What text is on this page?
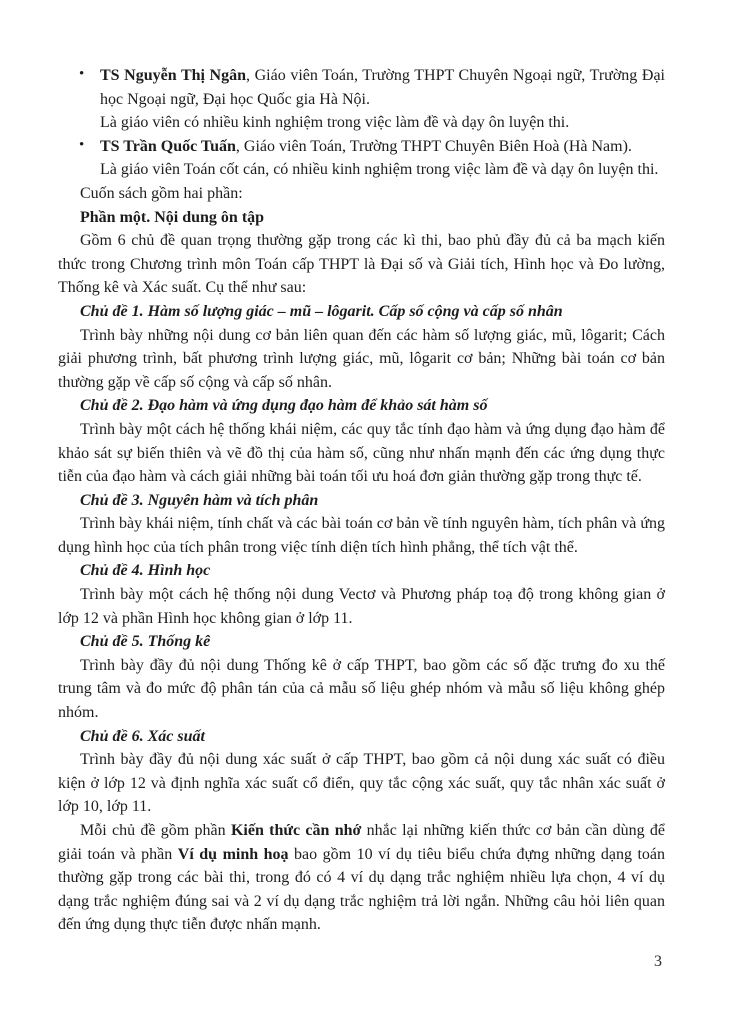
• TS Nguyễn Thị Ngân, Giáo viên Toán, Trường THPT Chuyên Ngoại ngữ, Trường Đại học Ngoại ngữ, Đại học Quốc gia Hà Nội.

Là giáo viên có nhiều kinh nghiệm trong việc làm đề và dạy ôn luyện thi.

• TS Trần Quốc Tuấn, Giáo viên Toán, Trường THPT Chuyên Biên Hoà (Hà Nam).

Là giáo viên Toán cốt cán, có nhiều kinh nghiệm trong việc làm đề và dạy ôn luyện thi.

Cuốn sách gồm hai phần:

Phần một. Nội dung ôn tập

Gồm 6 chủ đề quan trọng thường gặp trong các kì thi, bao phủ đầy đủ cả ba mạch kiến thức trong Chương trình môn Toán cấp THPT là Đại số và Giải tích, Hình học và Đo lường, Thống kê và Xác suất. Cụ thể như sau:

Chủ đề 1. Hàm số lượng giác – mũ – lôgarit. Cấp số cộng và cấp số nhân

Trình bày những nội dung cơ bản liên quan đến các hàm số lượng giác, mũ, lôgarit; Cách giải phương trình, bất phương trình lượng giác, mũ, lôgarit cơ bản; Những bài toán cơ bản thường gặp về cấp số cộng và cấp số nhân.

Chủ đề 2. Đạo hàm và ứng dụng đạo hàm để khảo sát hàm số

Trình bày một cách hệ thống khái niệm, các quy tắc tính đạo hàm và ứng dụng đạo hàm để khảo sát sự biến thiên và vẽ đồ thị của hàm số, cũng như nhấn mạnh đến các ứng dụng thực tiễn của đạo hàm và cách giải những bài toán tối ưu hoá đơn giản thường gặp trong thực tế.

Chủ đề 3. Nguyên hàm và tích phân

Trình bày khái niệm, tính chất và các bài toán cơ bản về tính nguyên hàm, tích phân và ứng dụng hình học của tích phân trong việc tính diện tích hình phẳng, thể tích vật thể.

Chủ đề 4. Hình học

Trình bày một cách hệ thống nội dung Vectơ và Phương pháp toạ độ trong không gian ở lớp 12 và phần Hình học không gian ở lớp 11.

Chủ đề 5. Thống kê

Trình bày đầy đủ nội dung Thống kê ở cấp THPT, bao gồm các số đặc trưng đo xu thế trung tâm và đo mức độ phân tán của cả mẫu số liệu ghép nhóm và mẫu số liệu không ghép nhóm.

Chủ đề 6. Xác suất

Trình bày đầy đủ nội dung xác suất ở cấp THPT, bao gồm cả nội dung xác suất có điều kiện ở lớp 12 và định nghĩa xác suất cổ điển, quy tắc cộng xác suất, quy tắc nhân xác suất ở lớp 10, lớp 11.

Mỗi chủ đề gồm phần Kiến thức cần nhớ nhắc lại những kiến thức cơ bản cần dùng để giải toán và phần Ví dụ minh hoạ bao gồm 10 ví dụ tiêu biểu chứa đựng những dạng toán thường gặp trong các bài thi, trong đó có 4 ví dụ dạng trắc nghiệm nhiều lựa chọn, 4 ví dụ dạng trắc nghiệm đúng sai và 2 ví dụ dạng trắc nghiệm trả lời ngắn. Những câu hỏi liên quan đến ứng dụng thực tiễn được nhấn mạnh.

3
